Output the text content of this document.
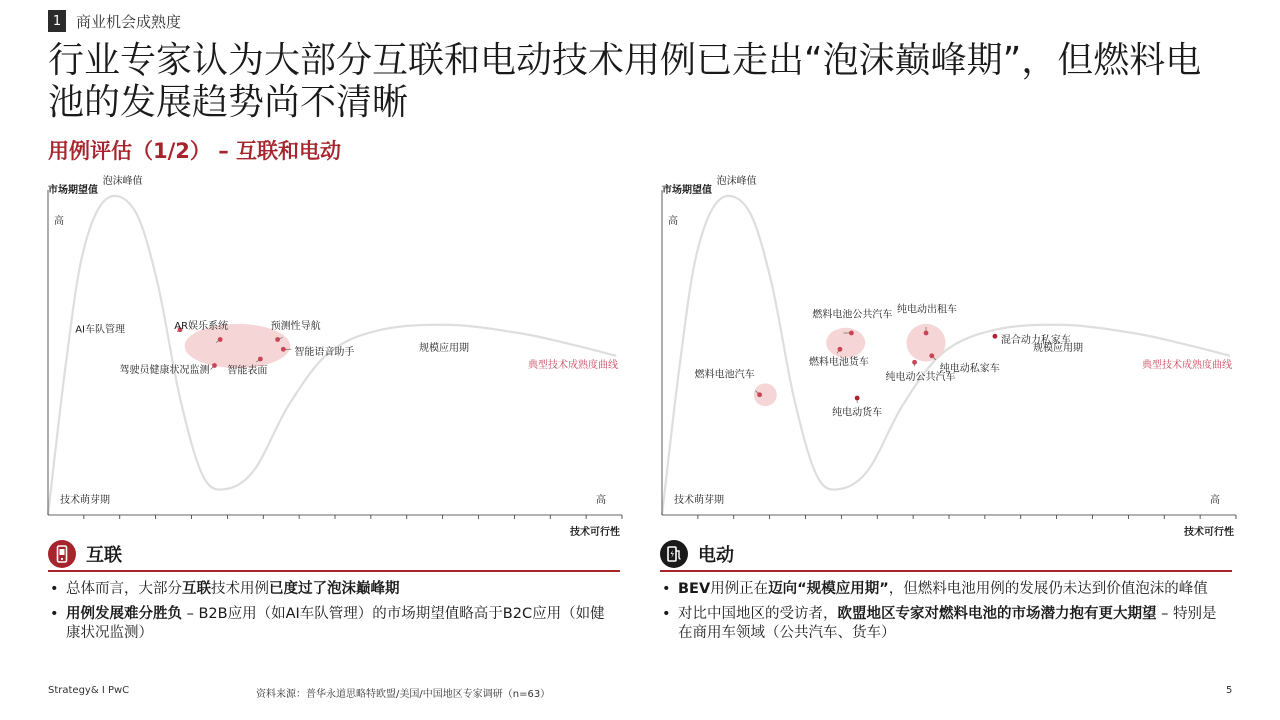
1 商业机会成熟度
行业专家认为大部分互联和电动技术用例已走出“泡沫巅峰期”，但燃料电池的发展趋势尚不清晰
用例评估（1/2） – 互联和电动
市场期望值
高
技术可行性
高
泡沫峰值
技术萌芽期
规模应用期
典型技术成熟度曲线
AI车队管理	AR娱乐系统	预测性导航
智能语音助手
驾驶员健康状况监测 智能表面
市场期望值
高
技术可行性
高
泡沫峰值
技术萌芽期
规模应用期
典型技术成熟度曲线
燃料电池公共汽车
燃料电池货车
燃料电池汽车
纯电动货车
纯电动出租车
纯电动私家车
纯电动公共汽车
混合动力私家车
互联	电动
• 总体而言，大部分互联技术用例已度过了泡沫巅峰期
• 用例发展难分胜负 – B2B应用（如AI车队管理）的市场期望值略高于B2C应用（如健康状况监测）
• BEV用例正在迈向“规模应用期”，但燃料电池用例的发展仍未达到价值泡沫的峰值
• 对比中国地区的受访者，欧盟地区专家对燃料电池的市场潜力抱有更大期望 – 特别是在商用车领域（公共汽车、货车）
Strategy& I PwC	资料来源：普华永道思略特欧盟/美国/中国地区专家调研（n=63）	5
